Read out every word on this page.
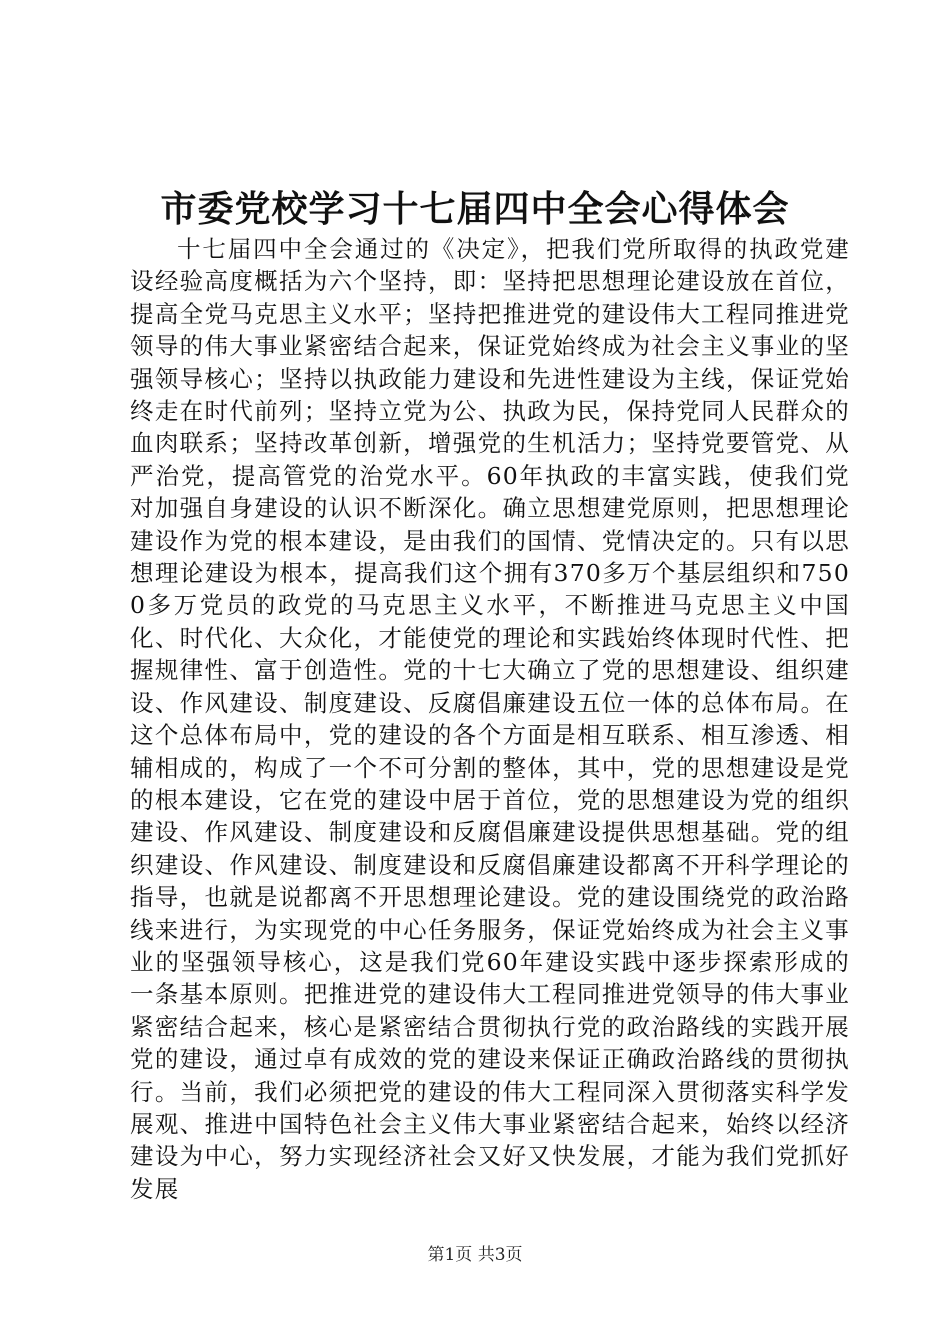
市委党校学习十七届四中全会心得体会

十七届四中全会通过的《决定》，把我们党所取得的执政党建设经验高度概括为六个坚持，即：坚持把思想理论建设放在首位，提高全党马克思主义水平；坚持把推进党的建设伟大工程同推进党领导的伟大事业紧密结合起来，保证党始终成为社会主义事业的坚强领导核心；坚持以执政能力建设和先进性建设为主线，保证党始终走在时代前列；坚持立党为公、执政为民，保持党同人民群众的血肉联系；坚持改革创新，增强党的生机活力；坚持党要管党、从严治党，提高管党的治党水平。60年执政的丰富实践，使我们党对加强自身建设的认识不断深化。确立思想建党原则，把思想理论建设作为党的根本建设，是由我们的国情、党情决定的。只有以思想理论建设为根本，提高我们这个拥有370多万个基层组织和7500多万党员的政党的马克思主义水平，不断推进马克思主义中国化、时代化、大众化，才能使党的理论和实践始终体现时代性、把握规律性、富于创造性。党的十七大确立了党的思想建设、组织建设、作风建设、制度建设、反腐倡廉建设五位一体的总体布局。在这个总体布局中，党的建设的各个方面是相互联系、相互渗透、相辅相成的，构成了一个不可分割的整体，其中，党的思想建设是党的根本建设，它在党的建设中居于首位，党的思想建设为党的组织建设、作风建设、制度建设和反腐倡廉建设提供思想基础。党的组织建设、作风建设、制度建设和反腐倡廉建设都离不开科学理论的指导，也就是说都离不开思想理论建设。党的建设围绕党的政治路线来进行，为实现党的中心任务服务，保证党始终成为社会主义事业的坚强领导核心，这是我们党60年建设实践中逐步探索形成的一条基本原则。把推进党的建设伟大工程同推进党领导的伟大事业紧密结合起来，核心是紧密结合贯彻执行党的政治路线的实践开展党的建设，通过卓有成效的党的建设来保证正确政治路线的贯彻执行。当前，我们必须把党的建设的伟大工程同深入贯彻落实科学发展观、推进中国特色社会主义伟大事业紧密结合起来，始终以经济建设为中心，努力实现经济社会又好又快发展，才能为我们党抓好发展

第1页 共3页
